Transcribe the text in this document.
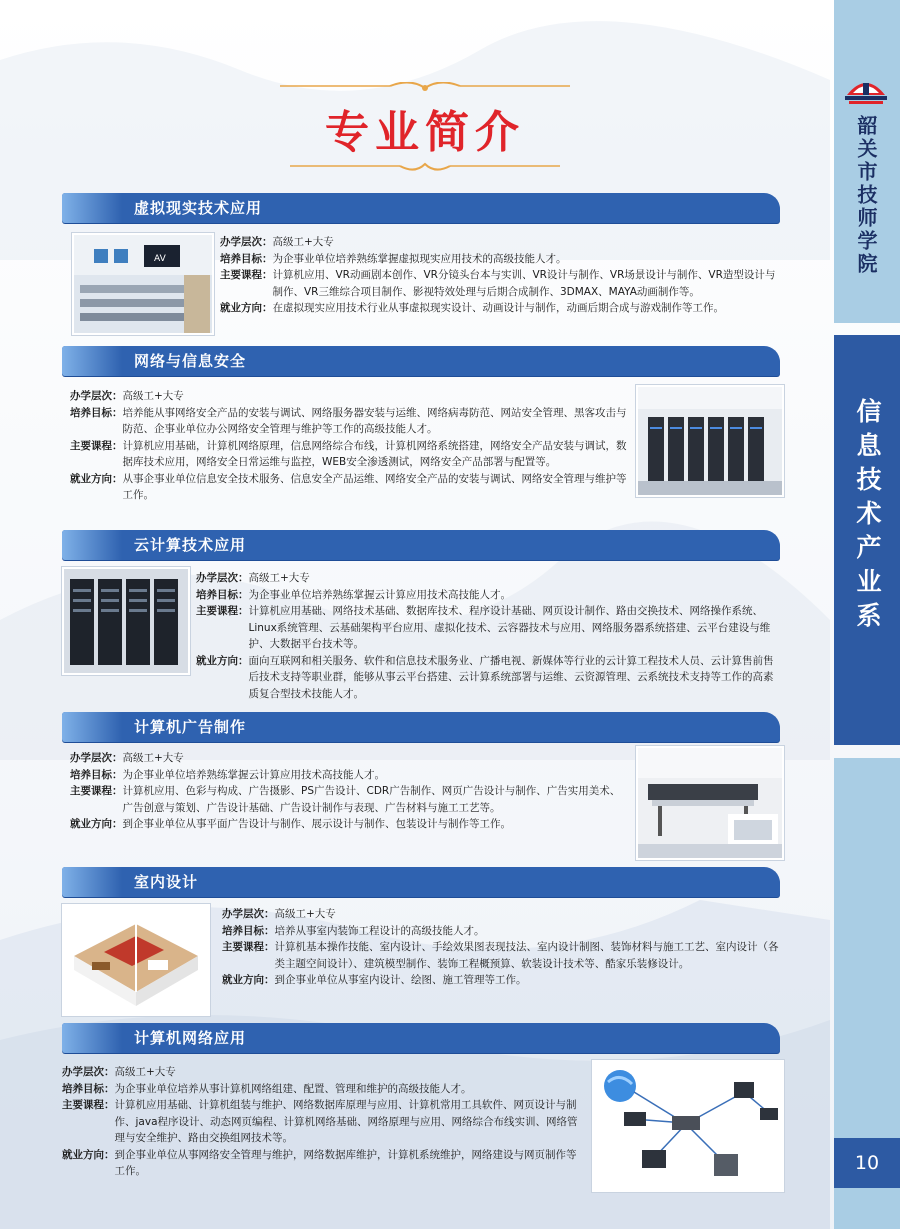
韶关市技师学院
信息技术产业系
10
专业简介
虚拟现实技术应用
AV
办学层次： 高级工+大专
培养目标： 为企事业单位培养熟练掌握虚拟现实应用技术的高级技能人才。
主要课程： 计算机应用、VR动画剧本创作、VR分镜头台本与实训、VR设计与制作、VR场景设计与制作、VR造型设计与制作、VR三维综合项目制作、影视特效处理与后期合成制作、3DMAX、MAYA动画制作等。
就业方向： 在虚拟现实应用技术行业从事虚拟现实设计、动画设计与制作，动画后期合成与游戏制作等工作。
网络与信息安全
办学层次： 高级工+大专
培养目标： 培养能从事网络安全产品的安装与调试、网络服务器安装与运维、网络病毒防范、网站安全管理、黑客攻击与防范、企事业单位办公网络安全管理与维护等工作的高级技能人才。
主要课程： 计算机应用基础，计算机网络原理，信息网络综合布线，计算机网络系统搭建，网络安全产品安装与调试，数据库技术应用，网络安全日常运维与监控，WEB安全渗透测试，网络安全产品部署与配置等。
就业方向： 从事企事业单位信息安全技术服务、信息安全产品运维、网络安全产品的安装与调试、网络安全管理与维护等工作。
云计算技术应用
办学层次： 高级工+大专
培养目标： 为企事业单位培养熟练掌握云计算应用技术高技能人才。
主要课程： 计算机应用基础、网络技术基础、数据库技术、程序设计基础、网页设计制作、路由交换技术、网络操作系统、Linux系统管理、云基础架构平台应用、虚拟化技术、云容器技术与应用、网络服务器系统搭建、云平台建设与维护、大数据平台技术等。
就业方向： 面向互联网和相关服务、软件和信息技术服务业、广播电视、新媒体等行业的云计算工程技术人员、云计算售前售后技术支持等职业群，能够从事云平台搭建、云计算系统部署与运维、云资源管理、云系统技术支持等工作的高素质复合型技术技能人才。
计算机广告制作
办学层次： 高级工+大专
培养目标： 为企事业单位培养熟练掌握云计算应用技术高技能人才。
主要课程： 计算机应用、色彩与构成、广告摄影、PS广告设计、CDR广告制作、网页广告设计与制作、广告实用美术、广告创意与策划、广告设计基础、广告设计制作与表现、广告材料与施工工艺等。
就业方向： 到企事业单位从事平面广告设计与制作、展示设计与制作、包装设计与制作等工作。
室内设计
办学层次： 高级工+大专
培养目标： 培养从事室内装饰工程设计的高级技能人才。
主要课程： 计算机基本操作技能、室内设计、手绘效果图表现技法、室内设计制图、装饰材料与施工工艺、室内设计（各类主题空间设计）、建筑模型制作、装饰工程概预算、软装设计技术等、酷家乐装修设计。
就业方向： 到企事业单位从事室内设计、绘图、施工管理等工作。
计算机网络应用
办学层次： 高级工+大专
培养目标： 为企事业单位培养从事计算机网络组建、配置、管理和维护的高级技能人才。
主要课程： 计算机应用基础、计算机组装与维护、网络数据库原理与应用、计算机常用工具软件、网页设计与制作、java程序设计、动态网页编程、计算机网络基础、网络原理与应用、网络综合布线实训、网络管理与安全维护、路由交换组网技术等。
就业方向： 到企事业单位从事网络安全管理与维护，网络数据库维护，计算机系统维护，网络建设与网页制作等工作。
